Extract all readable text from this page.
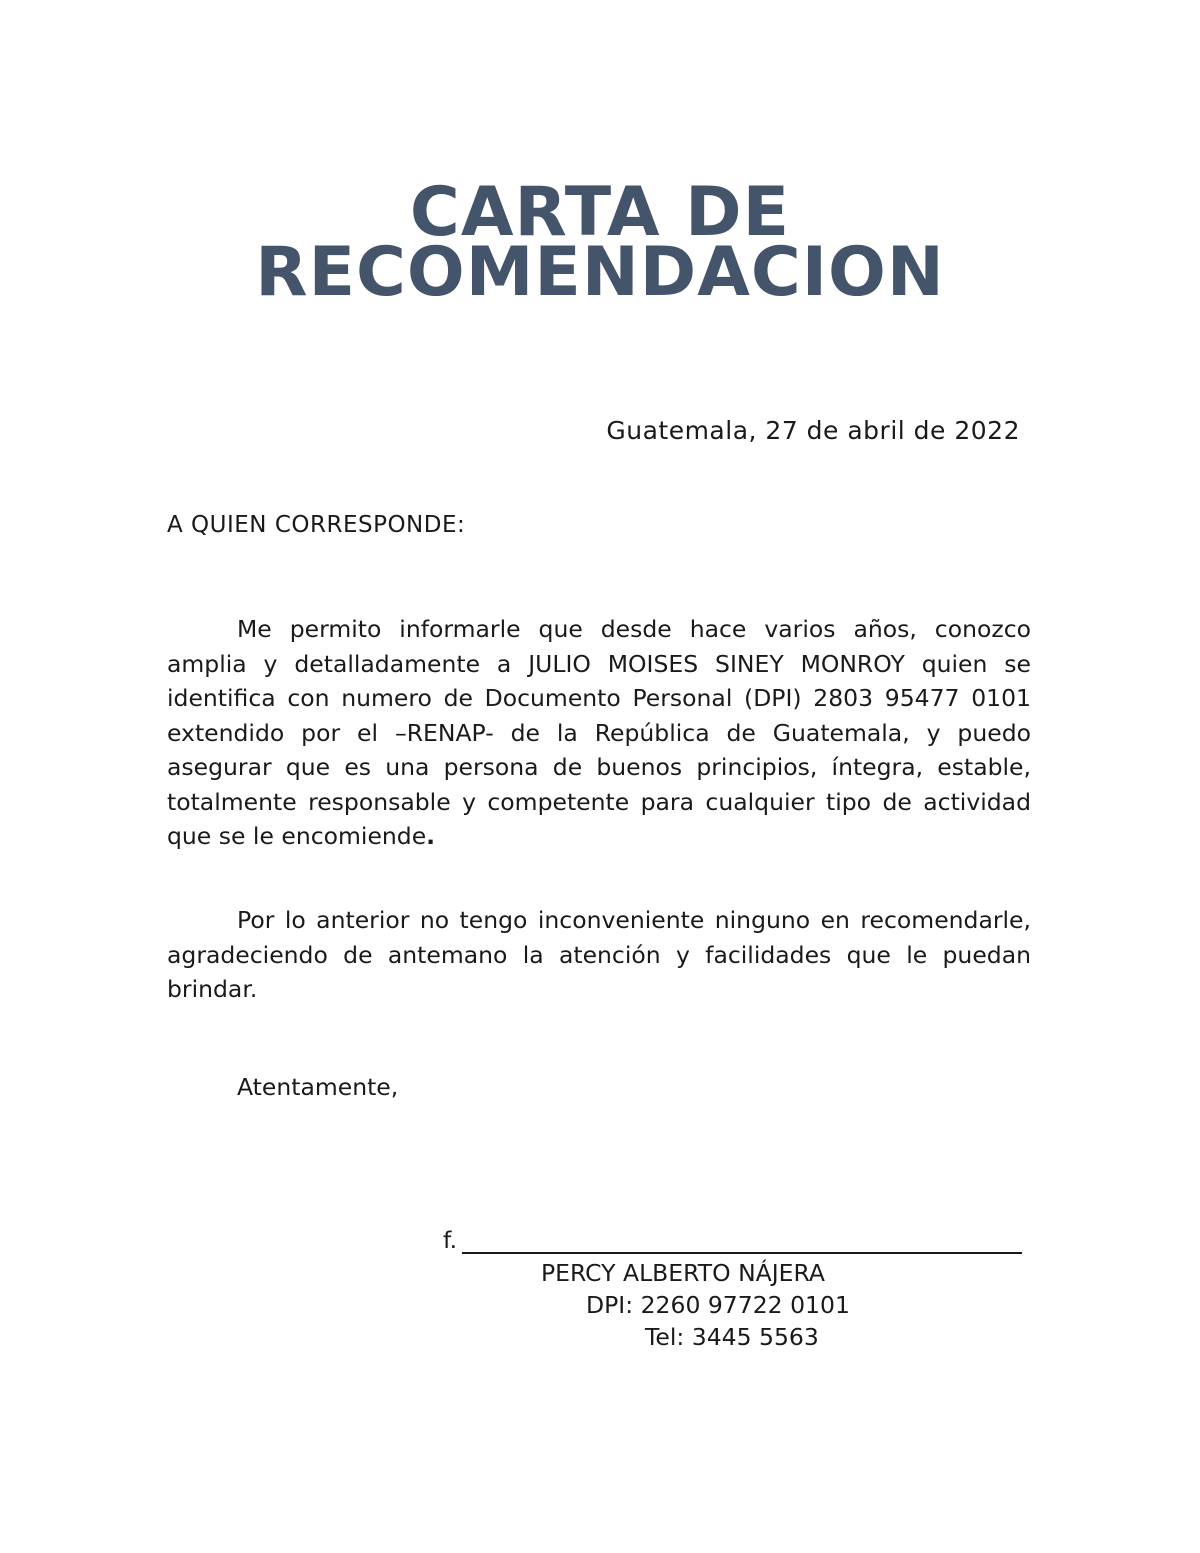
CARTA DE
RECOMENDACION
Guatemala, 27 de abril de 2022
A QUIEN CORRESPONDE:

Me permito informarle que desde hace varios años, conozco amplia y detalladamente a JULIO MOISES SINEY MONROY quien se identifica con numero de Documento Personal (DPI) 2803 95477 0101 extendido por el –RENAP- de la República de Guatemala, y puedo asegurar que es una persona de buenos principios, íntegra, estable, totalmente responsable y competente para cualquier tipo de actividad que se le encomiende.

Por lo anterior no tengo inconveniente ninguno en recomendarle, agradeciendo de antemano la atención y facilidades que le puedan brindar.

Atentamente,
f.
PERCY ALBERTO NÁJERA
DPI: 2260 97722 0101
Tel: 3445 5563
